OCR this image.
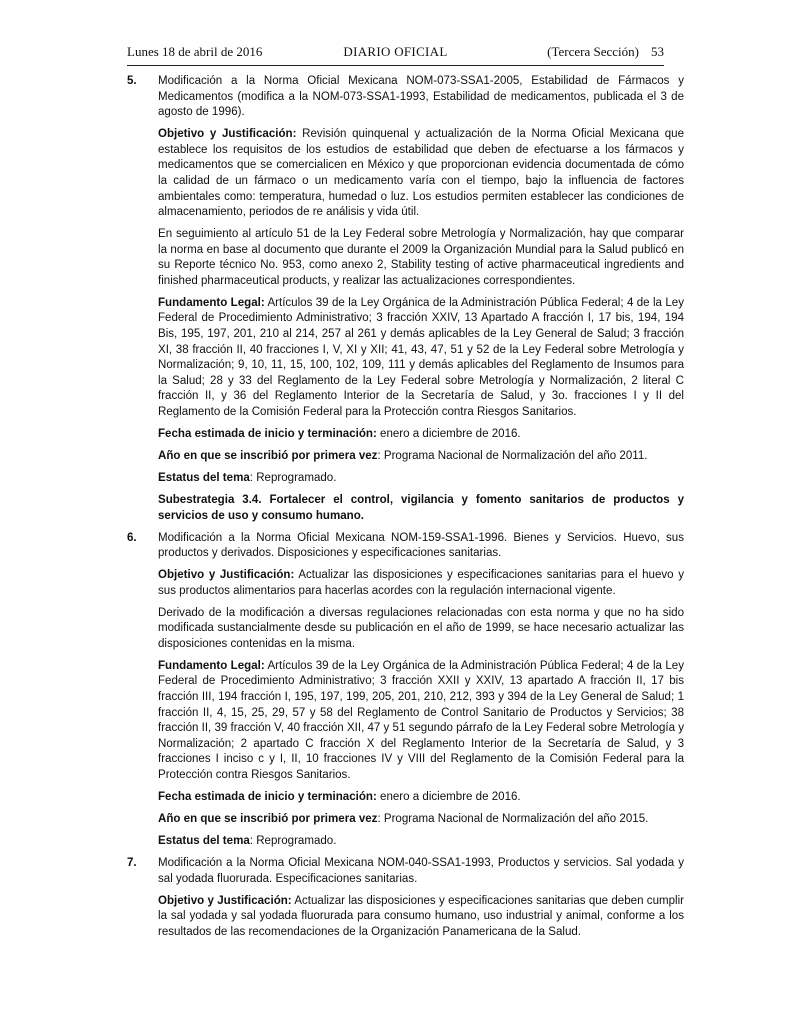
Lunes 18 de abril de 2016	DIARIO OFICIAL	(Tercera Sección) 53
5. Modificación a la Norma Oficial Mexicana NOM-073-SSA1-2005, Estabilidad de Fármacos y Medicamentos (modifica a la NOM-073-SSA1-1993, Estabilidad de medicamentos, publicada el 3 de agosto de 1996).

Objetivo y Justificación: Revisión quinquenal y actualización de la Norma Oficial Mexicana que establece los requisitos de los estudios de estabilidad que deben de efectuarse a los fármacos y medicamentos que se comercialicen en México y que proporcionan evidencia documentada de cómo la calidad de un fármaco o un medicamento varía con el tiempo, bajo la influencia de factores ambientales como: temperatura, humedad o luz. Los estudios permiten establecer las condiciones de almacenamiento, periodos de re análisis y vida útil.

En seguimiento al artículo 51 de la Ley Federal sobre Metrología y Normalización, hay que comparar la norma en base al documento que durante el 2009 la Organización Mundial para la Salud publicó en su Reporte técnico No. 953, como anexo 2, Stability testing of active pharmaceutical ingredients and finished pharmaceutical products, y realizar las actualizaciones correspondientes.

Fundamento Legal: Artículos 39 de la Ley Orgánica de la Administración Pública Federal; 4 de la Ley Federal de Procedimiento Administrativo; 3 fracción XXIV, 13 Apartado A fracción I, 17 bis, 194, 194 Bis, 195, 197, 201, 210 al 214, 257 al 261 y demás aplicables de la Ley General de Salud; 3 fracción XI, 38 fracción II, 40 fracciones I, V, XI y XII; 41, 43, 47, 51 y 52 de la Ley Federal sobre Metrología y Normalización; 9, 10, 11, 15, 100, 102, 109, 111 y demás aplicables del Reglamento de Insumos para la Salud; 28 y 33 del Reglamento de la Ley Federal sobre Metrología y Normalización, 2 literal C fracción II, y 36 del Reglamento Interior de la Secretaría de Salud, y 3o. fracciones I y II del Reglamento de la Comisión Federal para la Protección contra Riesgos Sanitarios.

Fecha estimada de inicio y terminación: enero a diciembre de 2016.

Año en que se inscribió por primera vez: Programa Nacional de Normalización del año 2011.

Estatus del tema: Reprogramado.

Subestrategia 3.4. Fortalecer el control, vigilancia y fomento sanitarios de productos y servicios de uso y consumo humano.

6. Modificación a la Norma Oficial Mexicana NOM-159-SSA1-1996. Bienes y Servicios. Huevo, sus productos y derivados. Disposiciones y especificaciones sanitarias.

Objetivo y Justificación: Actualizar las disposiciones y especificaciones sanitarias para el huevo y sus productos alimentarios para hacerlas acordes con la regulación internacional vigente.

Derivado de la modificación a diversas regulaciones relacionadas con esta norma y que no ha sido modificada sustancialmente desde su publicación en el año de 1999, se hace necesario actualizar las disposiciones contenidas en la misma.

Fundamento Legal: Artículos 39 de la Ley Orgánica de la Administración Pública Federal; 4 de la Ley Federal de Procedimiento Administrativo; 3 fracción XXII y XXIV, 13 apartado A fracción II, 17 bis fracción III, 194 fracción I, 195, 197, 199, 205, 201, 210, 212, 393 y 394 de la Ley General de Salud; 1 fracción II, 4, 15, 25, 29, 57 y 58 del Reglamento de Control Sanitario de Productos y Servicios; 38 fracción II, 39 fracción V, 40 fracción XII, 47 y 51 segundo párrafo de la Ley Federal sobre Metrología y Normalización; 2 apartado C fracción X del Reglamento Interior de la Secretaría de Salud, y 3 fracciones I inciso c y I, II, 10 fracciones IV y VIII del Reglamento de la Comisión Federal para la Protección contra Riesgos Sanitarios.

Fecha estimada de inicio y terminación: enero a diciembre de 2016.

Año en que se inscribió por primera vez: Programa Nacional de Normalización del año 2015.

Estatus del tema: Reprogramado.

7. Modificación a la Norma Oficial Mexicana NOM-040-SSA1-1993, Productos y servicios. Sal yodada y sal yodada fluorurada. Especificaciones sanitarias.

Objetivo y Justificación: Actualizar las disposiciones y especificaciones sanitarias que deben cumplir la sal yodada y sal yodada fluorurada para consumo humano, uso industrial y animal, conforme a los resultados de las recomendaciones de la Organización Panamericana de la Salud.
